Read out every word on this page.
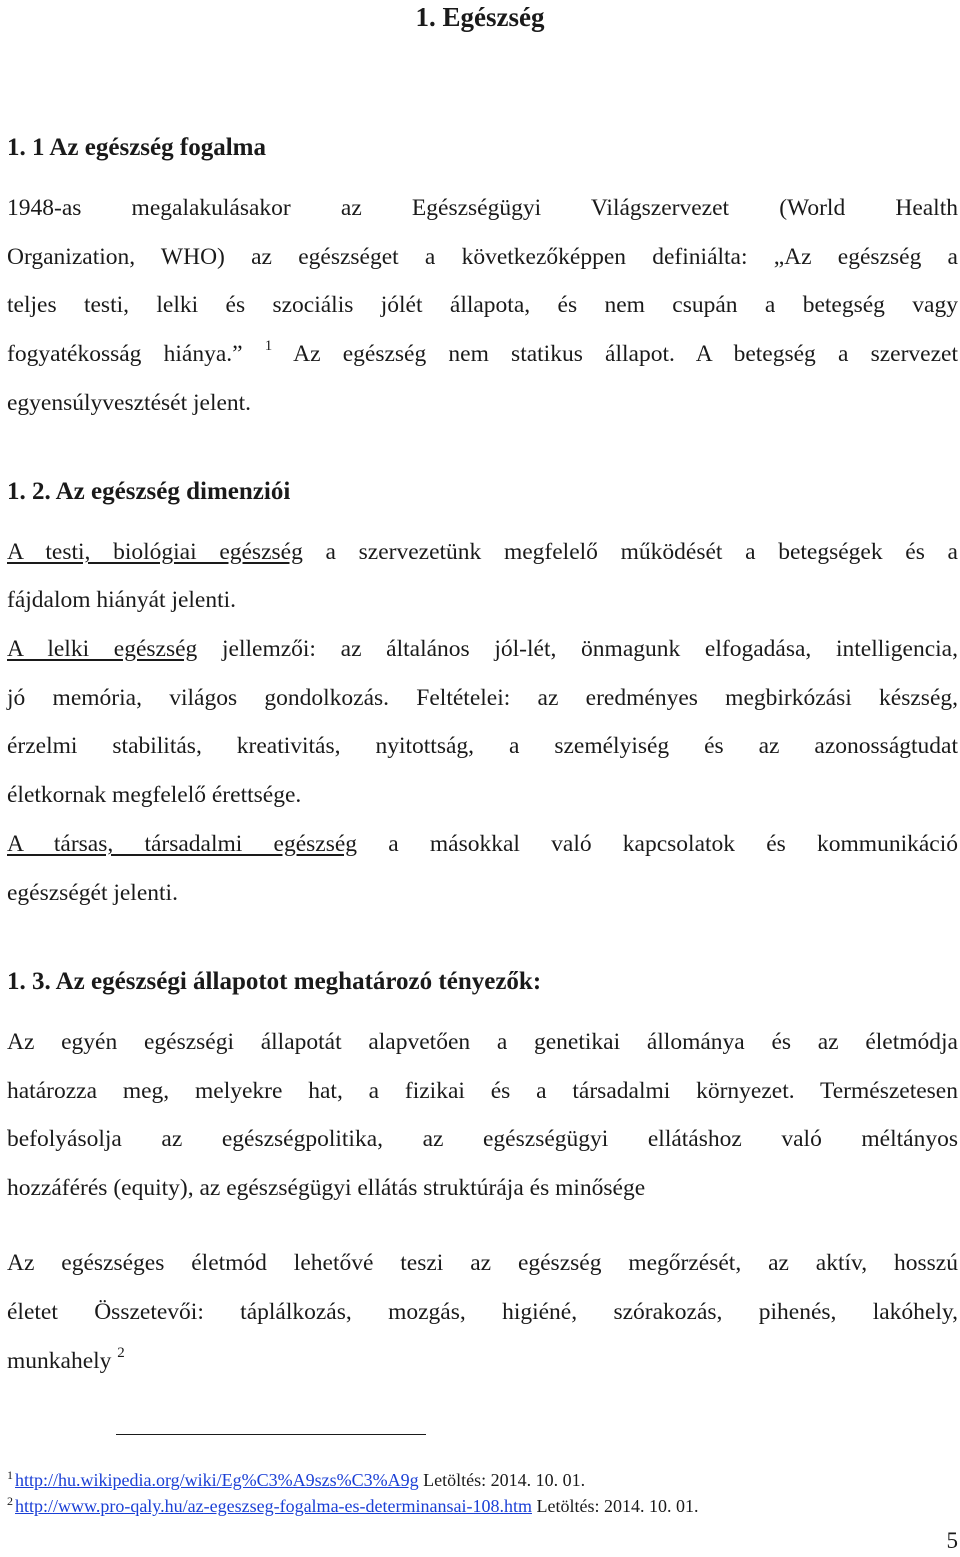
1. Egészség
1. 1 Az egészség fogalma
1948-as megalakulásakor az Egészségügyi Világszervezet (World Health
Organization, WHO) az egészséget a következőképpen definiálta: „Az egészség a
teljes testi, lelki és szociális jólét állapota, és nem csupán a betegség vagy
fogyatékosság hiánya.” $^1$ Az egészség nem statikus állapot. A betegség a szervezet
egyensúlyvesztését jelent.
1. 2. Az egészség dimenziói
A testi, biológiai egészség a szervezetünk megfelelő működését a betegségek és a
fájdalom hiányát jelenti.
A lelki egészség jellemzői: az általános jól-lét, önmagunk elfogadása, intelligencia,
jó memória, világos gondolkozás. Feltételei: az eredményes megbirkózási készség,
érzelmi stabilitás, kreativitás, nyitottság, a személyiség és az azonosságtudat
életkornak megfelelő érettsége.
A társas, társadalmi egészség a másokkal való kapcsolatok és kommunikáció
egészségét jelenti.
1. 3. Az egészségi állapotot meghatározó tényezők:
Az egyén egészségi állapotát alapvetően a genetikai állománya és az életmódja
határozza meg, melyekre hat, a fizikai és a társadalmi környezet. Természetesen
befolyásolja az egészségpolitika, az egészségügyi ellátáshoz való méltányos
hozzáférés (equity), az egészségügyi ellátás struktúrája és minősége
Az egészséges életmód lehetővé teszi az egészség megőrzését, az aktív, hosszú
életet Összetevői: táplálkozás, mozgás, higiéné, szórakozás, pihenés, lakóhely,
munkahely $^2$
$^1$ http://hu.wikipedia.org/wiki/Eg%C3%A9szs%C3%A9g Letöltés: 2014. 10. 01.
$^2$ http://www.pro-qaly.hu/az-egeszseg-fogalma-es-determinansai-108.htm Letöltés: 2014. 10. 01.
5
